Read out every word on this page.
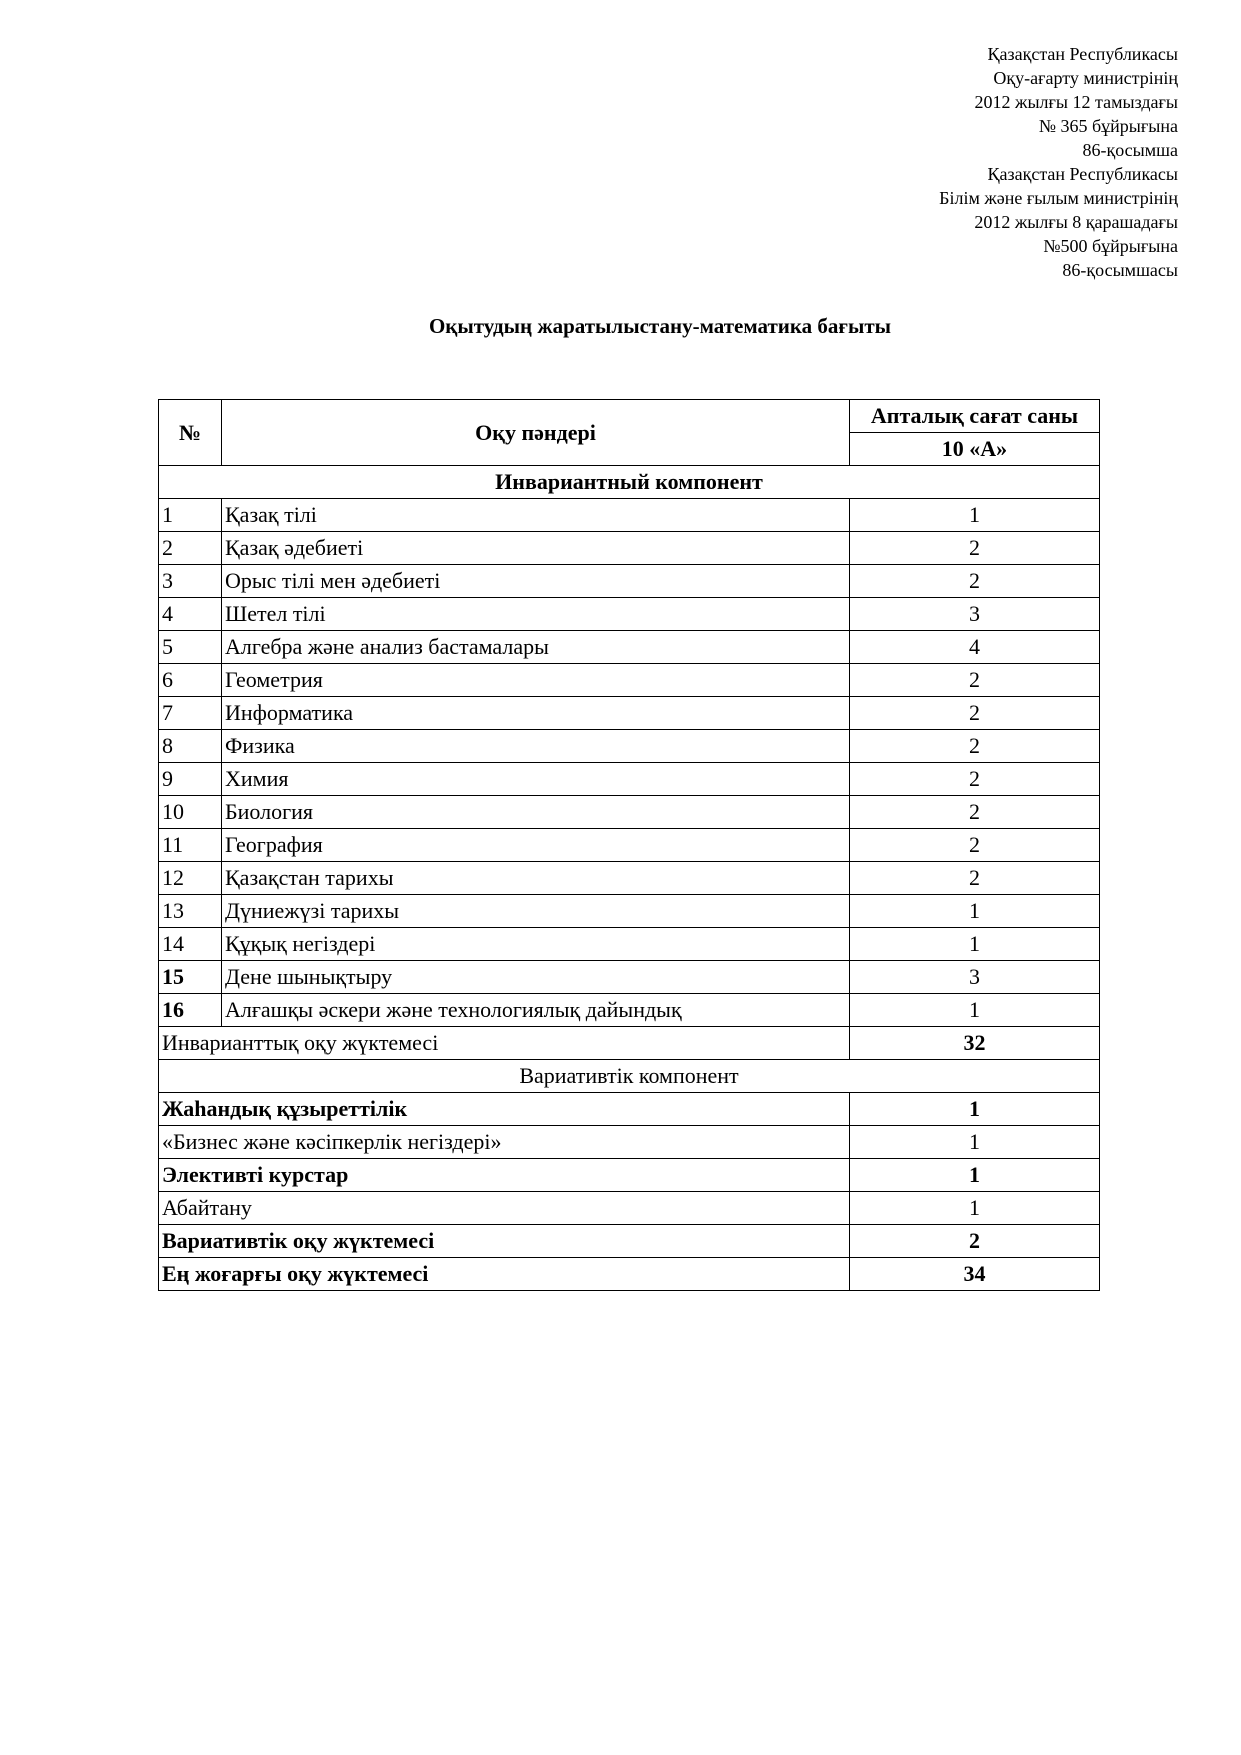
Қазақстан Республикасы
Оқу-ағарту министрінің
2012 жылғы 12 тамыздағы
№ 365 бұйрығына
86-қосымша
Қазақстан Республикасы
Білім және ғылым министрінің
2012 жылғы 8 қарашадағы
№500 бұйрығына
86-қосымшасы
Оқытудың жаратылыстану-математика бағыты
№	Оқу пәндері	Апталық сағат саны
		10 «А»
Инвариантный компонент		
1	Қазақ тілі	1
2	Қазақ әдебиеті	2
3	Орыс тілі мен әдебиеті	2
4	Шетел тілі	3
5	Алгебра және анализ бастамалары	4
6	Геометрия	2
7	Информатика	2
8	Физика	2
9	Химия	2
10	Биология	2
11	География	2
12	Қазақстан тарихы	2
13	Дүниежүзі тарихы	1
14	Құқық негіздері	1
15	Дене шынықтыру	3
16	Алғашқы әскери және технологиялық дайындық	1
Инварианттық оқу жүктемесі		32
Вариативтік компонент		
Жаһандық құзыреттілік		1
«Бизнес және кәсіпкерлік негіздері»		1
Элективті курстар		1
Абайтану		1
Вариативтік оқу жүктемесі		2
Ең жоғарғы оқу жүктемесі		34
